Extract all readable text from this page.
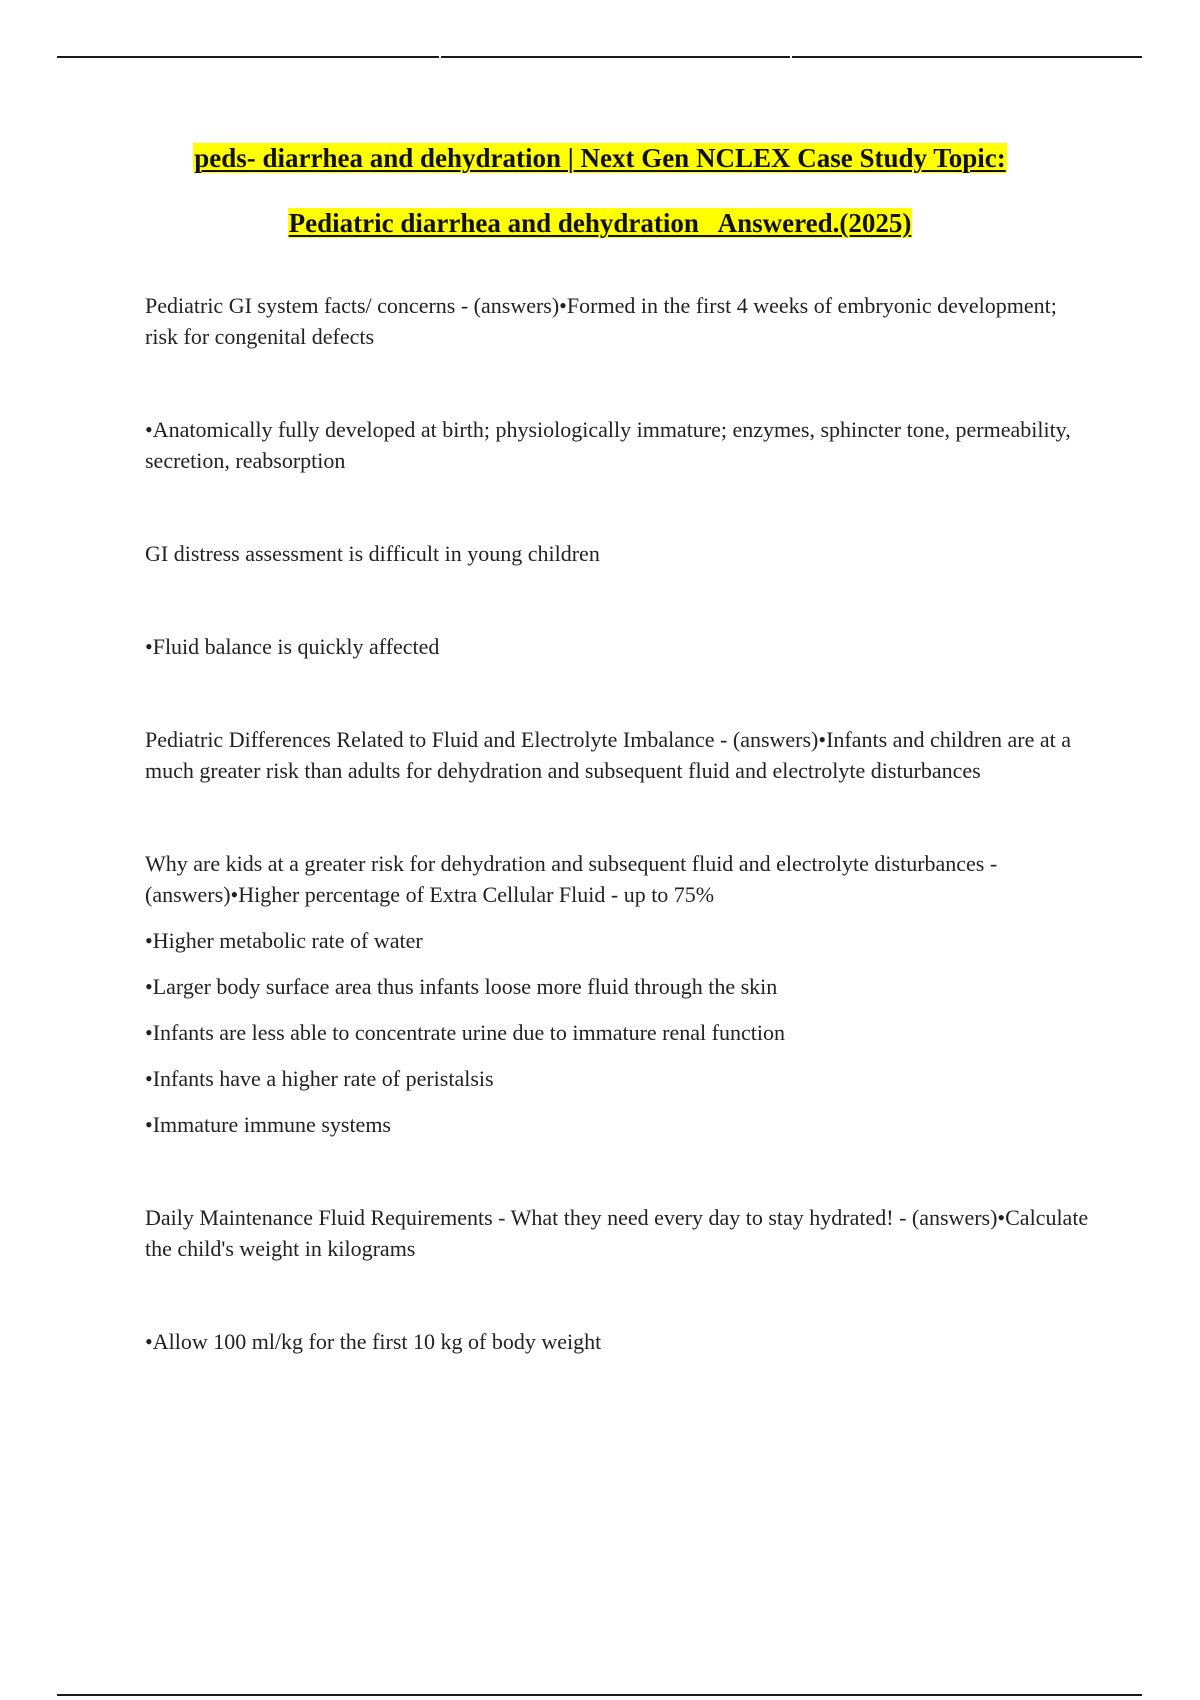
peds- diarrhea and dehydration | Next Gen NCLEX Case Study Topic:
Pediatric diarrhea and dehydration   Answered.(2025)

Pediatric GI system facts/ concerns - (answers)•Formed in the first 4 weeks of embryonic development; risk for congenital defects

•Anatomically fully developed at birth; physiologically immature; enzymes, sphincter tone, permeability, secretion, reabsorption

GI distress assessment is difficult in young children

•Fluid balance is quickly affected

Pediatric Differences Related to Fluid and Electrolyte Imbalance - (answers)•Infants and children are at a much greater risk than adults for dehydration and subsequent fluid and electrolyte disturbances

Why are kids at a greater risk for dehydration and subsequent fluid and electrolyte disturbances - (answers)•Higher percentage of Extra Cellular Fluid - up to 75%

•Higher metabolic rate of water

•Larger body surface area thus infants loose more fluid through the skin

•Infants are less able to concentrate urine due to immature renal function

•Infants have a higher rate of peristalsis

•Immature immune systems

Daily Maintenance Fluid Requirements - What they need every day to stay hydrated! - (answers)•Calculate the child's weight in kilograms

•Allow 100 ml/kg for the first 10 kg of body weight
